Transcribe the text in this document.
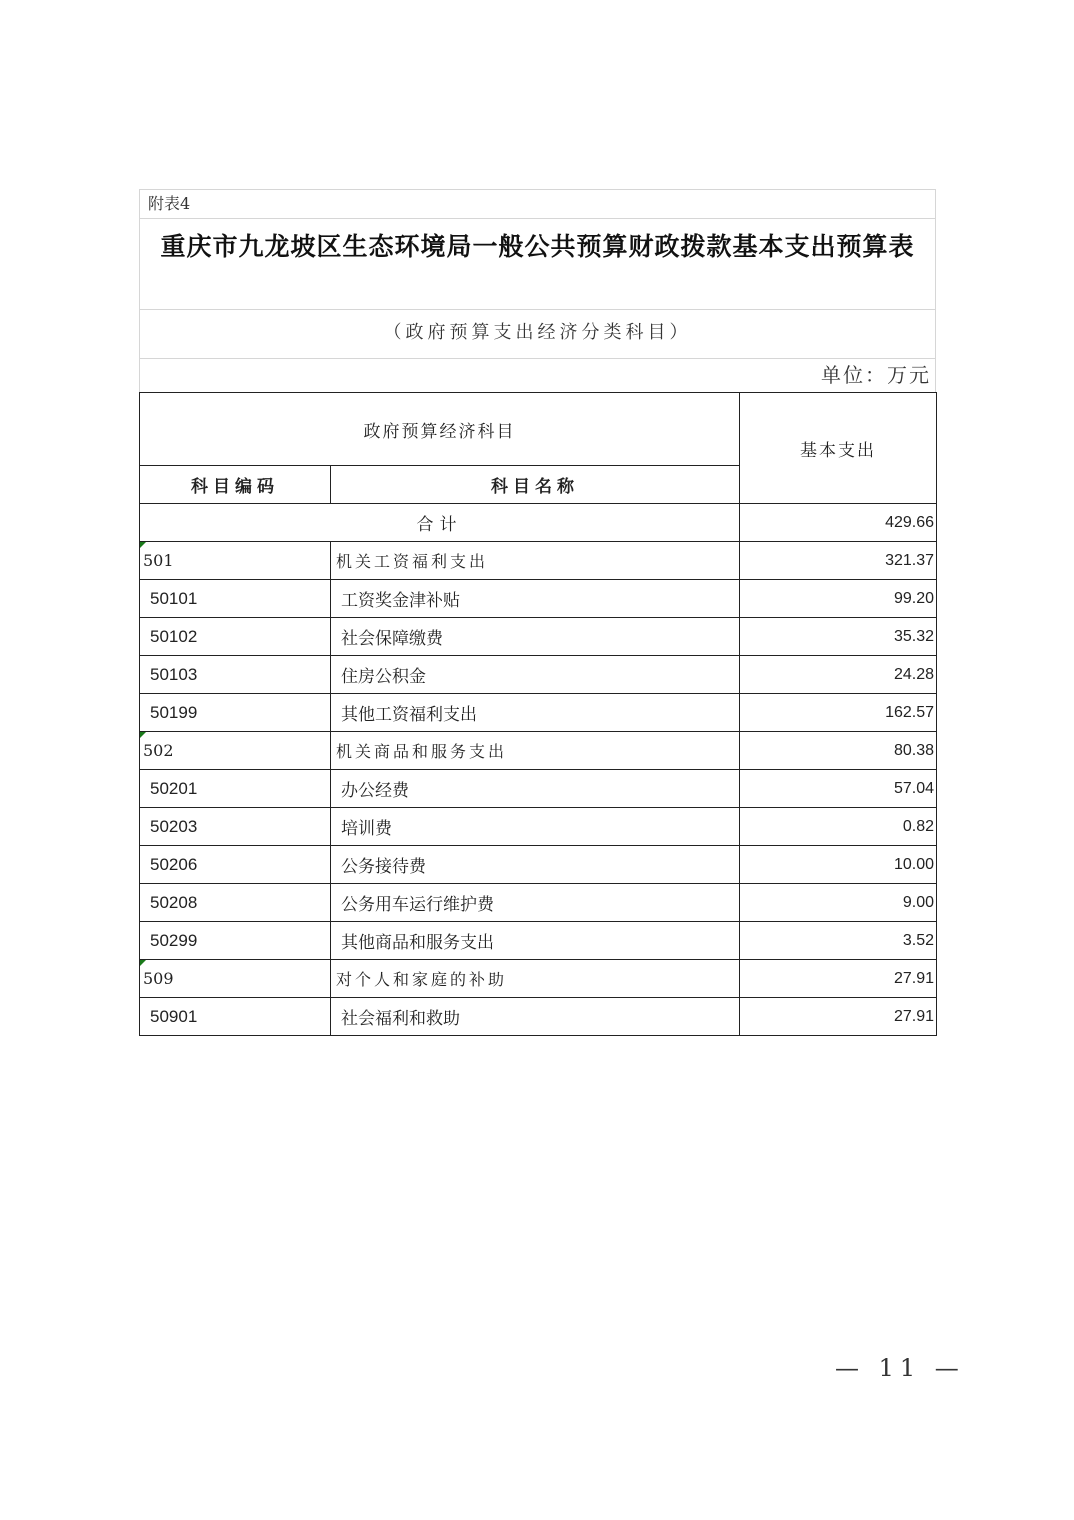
附表4
重庆市九龙坡区生态环境局一般公共预算财政拨款基本支出预算表
（政府预算支出经济分类科目）
单位：万元
政府预算经济科目		基本支出
科目编码	科目名称	
合计		429.66

501	机关工资福利支出	321.37
50101	工资奖金津补贴	99.20
50102	社会保障缴费	35.32
50103	住房公积金	24.28
50199	其他工资福利支出	162.57

502	机关商品和服务支出	80.38
50201	办公经费	57.04
50203	培训费	0.82
50206	公务接待费	10.00
50208	公务用车运行维护费	9.00
50299	其他商品和服务支出	3.52

509	对个人和家庭的补助	27.91
50901	社会福利和救助	27.91
— 11 —
